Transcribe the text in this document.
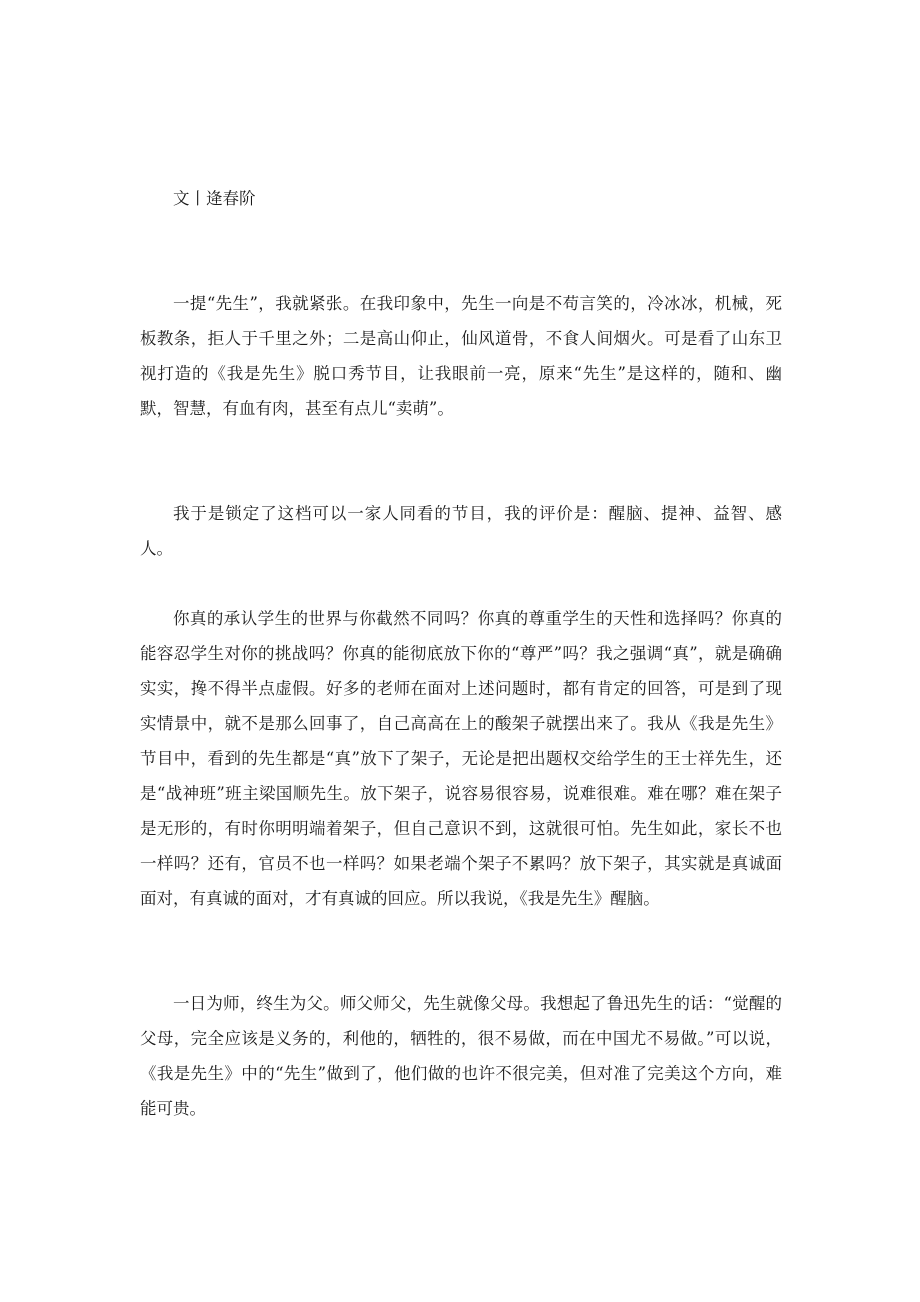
文丨逄春阶

一提“先生”，我就紧张。在我印象中，先生一向是不苟言笑的，冷冰冰，机械，死板教条，拒人于千里之外；二是高山仰止，仙风道骨，不食人间烟火。可是看了山东卫视打造的《我是先生》脱口秀节目，让我眼前一亮，原来“先生”是这样的，随和、幽默，智慧，有血有肉，甚至有点儿“卖萌”。

我于是锁定了这档可以一家人同看的节目，我的评价是：醒脑、提神、益智、感人。

你真的承认学生的世界与你截然不同吗？你真的尊重学生的天性和选择吗？你真的能容忍学生对你的挑战吗？你真的能彻底放下你的“尊严”吗？我之强调“真”，就是确确实实，搀不得半点虚假。好多的老师在面对上述问题时，都有肯定的回答，可是到了现实情景中，就不是那么回事了，自己高高在上的酸架子就摆出来了。我从《我是先生》节目中，看到的先生都是“真”放下了架子，无论是把出题权交给学生的王士祥先生，还是“战神班”班主梁国顺先生。放下架子，说容易很容易，说难很难。难在哪？难在架子是无形的，有时你明明端着架子，但自己意识不到，这就很可怕。先生如此，家长不也一样吗？还有，官员不也一样吗？如果老端个架子不累吗？放下架子，其实就是真诚面面对，有真诚的面对，才有真诚的回应。所以我说，《我是先生》醒脑。

一日为师，终生为父。师父师父，先生就像父母。我想起了鲁迅先生的话：“觉醒的父母，完全应该是义务的，利他的，牺牲的，很不易做，而在中国尤不易做。”可以说，《我是先生》中的“先生”做到了，他们做的也许不很完美，但对准了完美这个方向，难能可贵。
